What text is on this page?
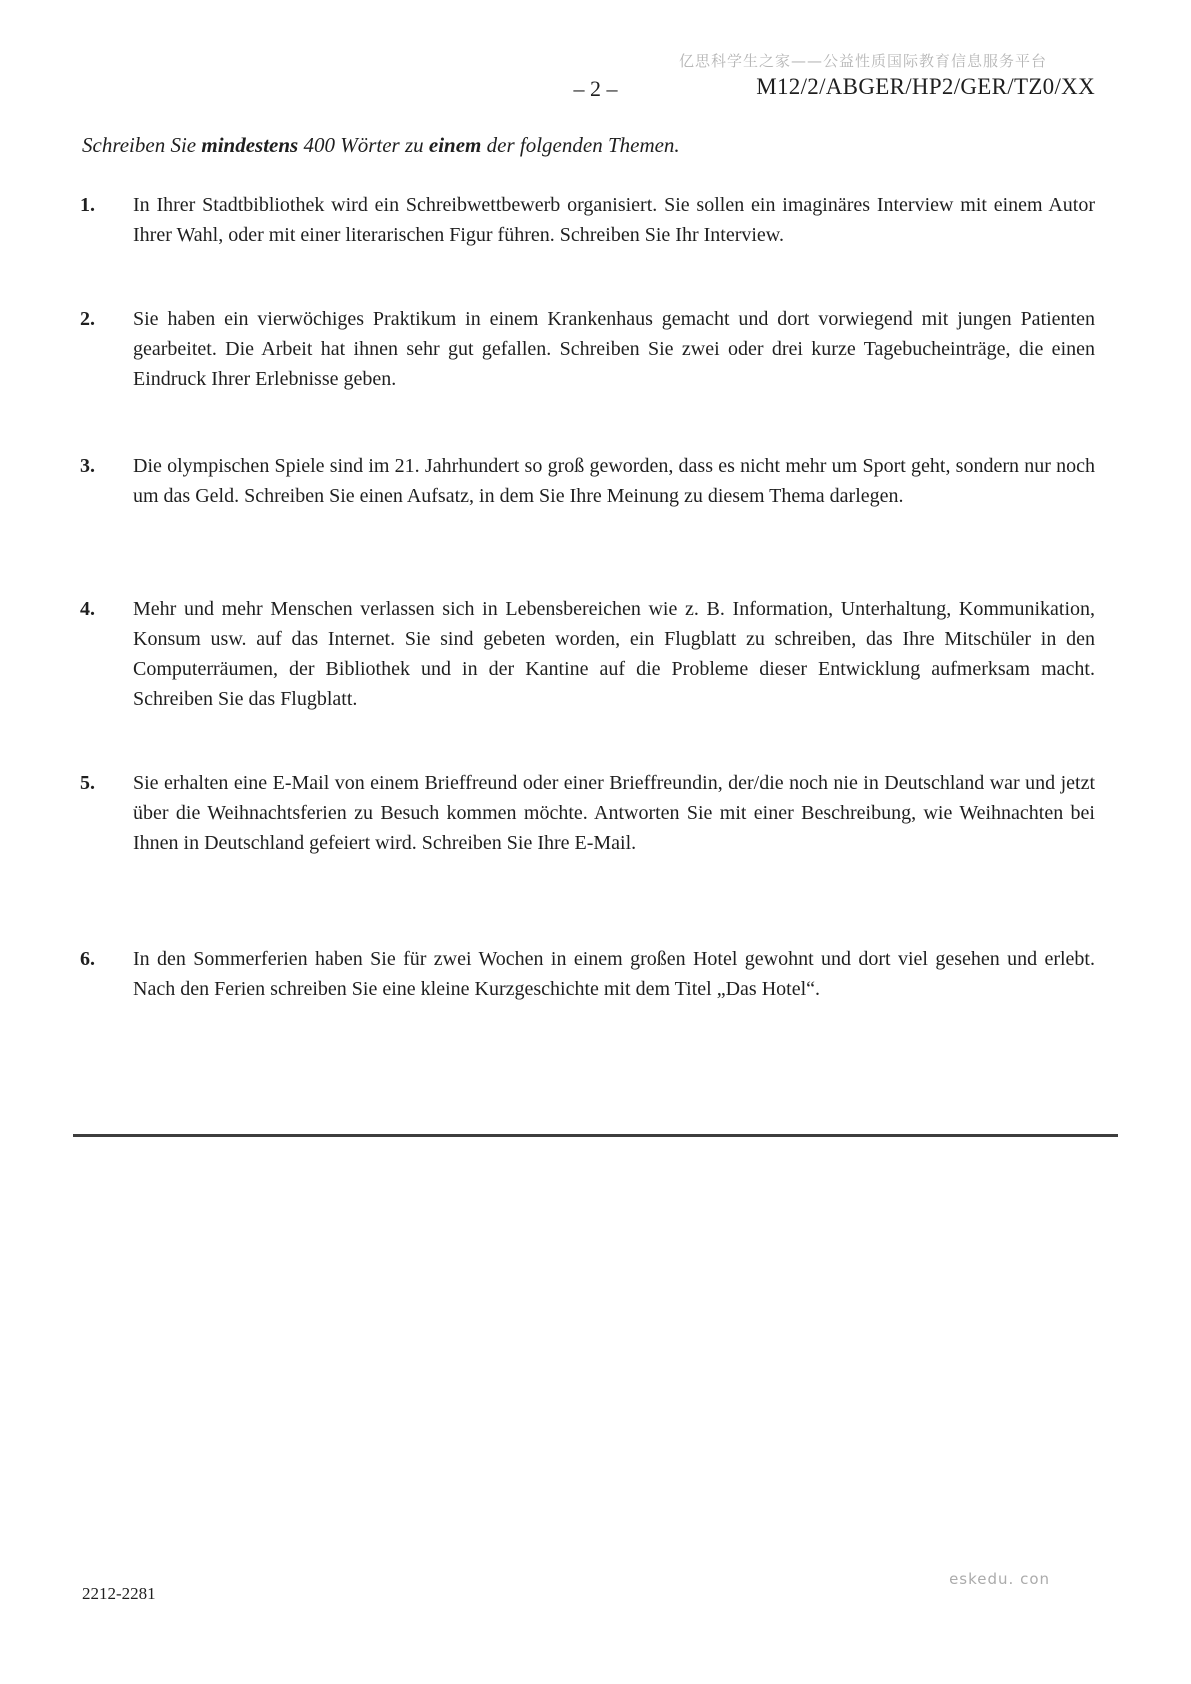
亿思科学生之家——公益性质国际教育信息服务平台
– 2 –	M12/2/ABGER/HP2/GER/TZ0/XX

Schreiben Sie mindestens 400 Wörter zu einem der folgenden Themen.

1. In Ihrer Stadtbibliothek wird ein Schreibwettbewerb organisiert. Sie sollen ein imaginäres Interview mit einem Autor Ihrer Wahl, oder mit einer literarischen Figur führen. Schreiben Sie Ihr Interview.

2. Sie haben ein vierwöchiges Praktikum in einem Krankenhaus gemacht und dort vorwiegend mit jungen Patienten gearbeitet. Die Arbeit hat ihnen sehr gut gefallen. Schreiben Sie zwei oder drei kurze Tagebucheinträge, die einen Eindruck Ihrer Erlebnisse geben.

3. Die olympischen Spiele sind im 21. Jahrhundert so groß geworden, dass es nicht mehr um Sport geht, sondern nur noch um das Geld. Schreiben Sie einen Aufsatz, in dem Sie Ihre Meinung zu diesem Thema darlegen.

4. Mehr und mehr Menschen verlassen sich in Lebensbereichen wie z. B. Information, Unterhaltung, Kommunikation, Konsum usw. auf das Internet. Sie sind gebeten worden, ein Flugblatt zu schreiben, das Ihre Mitschüler in den Computerräumen, der Bibliothek und in der Kantine auf die Probleme dieser Entwicklung aufmerksam macht. Schreiben Sie das Flugblatt.

5. Sie erhalten eine E-Mail von einem Brieffreund oder einer Brieffreundin, der/die noch nie in Deutschland war und jetzt über die Weihnachtsferien zu Besuch kommen möchte. Antworten Sie mit einer Beschreibung, wie Weihnachten bei Ihnen in Deutschland gefeiert wird. Schreiben Sie Ihre E-Mail.

6. In den Sommerferien haben Sie für zwei Wochen in einem großen Hotel gewohnt und dort viel gesehen und erlebt. Nach den Ferien schreiben Sie eine kleine Kurzgeschichte mit dem Titel „Das Hotel“.

2212-2281
eskedu. con
